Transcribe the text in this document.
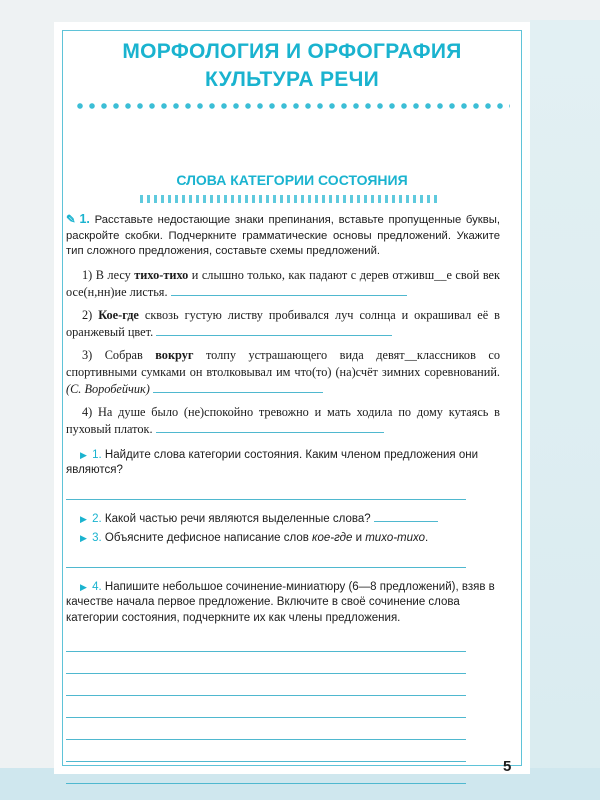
МОРФОЛОГИЯ И ОРФОГРАФИЯ
КУЛЬТУРА РЕЧИ
СЛОВА КАТЕГОРИИ СОСТОЯНИЯ

✎ 1. Расставьте недостающие знаки препинания, вставьте пропущенные буквы, раскройте скобки. Подчеркните грамматические основы предложений. Укажите тип сложного предложения, составьте схемы предложений.

1) В лесу тихо-тихо и слышно только, как падают с дерев отживш__е свой век осе(н,нн)ие листья.

2) Кое-где сквозь густую листву пробивался луч солнца и окрашивал её в оранжевый цвет.

3) Собрав вокруг толпу устрашающего вида девят__классников со спортивными сумками он втолковывал им что(то) (на)счёт зимних соревнований. (С. Воробейчик)

4) На душе было (не)спокойно тревожно и мать ходила по дому кутаясь в пуховый платок.

▶ 1. Найдите слова категории состояния. Каким членом предложения они являются?

▶ 2. Какой частью речи являются выделенные слова?

▶ 3. Объясните дефисное написание слов кое-где и тихо-тихо.

▶ 4. Напишите небольшое сочинение-миниатюру (6—8 предложений), взяв в качестве начала первое предложение. Включите в своё сочинение слова категории состояния, подчеркните их как члены предложения.

5
